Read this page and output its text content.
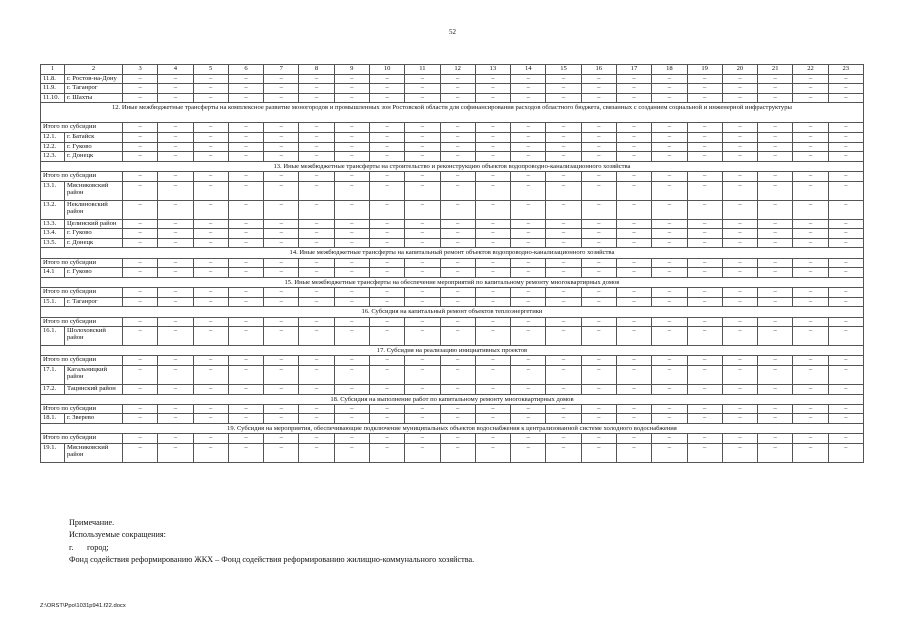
52
1	2	3	4	5	6	7	8	9	10	11	12	13	14	15	16	17	18	19	20	21	22	23
11.8.	г. Ростов-на-Дону	–	–	–	–	–	–	–	–	–	–	–	–	–	–	–	–	–	–	–	–	–
11.9.	г. Таганрог	–	–	–	–	–	–	–	–	–	–	–	–	–	–	–	–	–	–	–	–	–
11.10.	г. Шахты	–	–	–	–	–	–	–	–	–	–	–	–	–	–	–	–	–	–	–	–	–
12. Иные межбюджетные трансферты на комплексное развитие моногородов и промышленных зон Ростовской области для софинансирования расходов областного бюджета, связанных с созданием социальной и инженерной инфраструктуры																						
Итого по субсидии		–	–	–	–	–	–	–	–	–	–	–	–	–	–	–	–	–	–	–	–	–
12.1.	г. Батайск	–	–	–	–	–	–	–	–	–	–	–	–	–	–	–	–	–	–	–	–	–
12.2.	г. Гуково	–	–	–	–	–	–	–	–	–	–	–	–	–	–	–	–	–	–	–	–	–
12.3.	г. Донецк	–	–	–	–	–	–	–	–	–	–	–	–	–	–	–	–	–	–	–	–	–
13. Иные межбюджетные трансферты на строительство и реконструкцию объектов водопроводно-канализационного хозяйства																						
Итого по субсидии		–	–	–	–	–	–	–	–	–	–	–	–	–	–	–	–	–	–	–	–	–
13.1.	Мясниковский район	–	–	–	–	–	–	–	–	–	–	–	–	–	–	–	–	–	–	–	–	–
13.2.	Неклиновский район	–	–	–	–	–	–	–	–	–	–	–	–	–	–	–	–	–	–	–	–	–
13.3.	Целинский район	–	–	–	–	–	–	–	–	–	–	–	–	–	–	–	–	–	–	–	–	–
13.4.	г. Гуково	–	–	–	–	–	–	–	–	–	–	–	–	–	–	–	–	–	–	–	–	–
13.5.	г. Донецк	–	–	–	–	–	–	–	–	–	–	–	–	–	–	–	–	–	–	–	–	–
14. Иные межбюджетные трансферты на капитальный ремонт объектов водопроводно-канализационного хозяйства																						
Итого по субсидии		–	–	–	–	–	–	–	–	–	–	–	–	–	–	–	–	–	–	–	–	–
14.1	г. Гуково	–	–	–	–	–	–	–	–	–	–	–	–	–	–	–	–	–	–	–	–	–
15. Иные межбюджетные трансферты на обеспечение мероприятий по капитальному ремонту многоквартирных домов																						
Итого по субсидии		–	–	–	–	–	–	–	–	–	–	–	–	–	–	–	–	–	–	–	–	–
15.1.	г. Таганрог	–	–	–	–	–	–	–	–	–	–	–	–	–	–	–	–	–	–	–	–	–
16. Субсидия на капитальный ремонт объектов теплоэнергетики																						
Итого по субсидии		–	–	–	–	–	–	–	–	–	–	–	–	–	–	–	–	–	–	–	–	–
16.1.	Шолоховский район	–	–	–	–	–	–	–	–	–	–	–	–	–	–	–	–	–	–	–	–	–
17. Субсидия на реализацию инициативных проектов																						
Итого по субсидии		–	–	–	–	–	–	–	–	–	–	–	–	–	–	–	–	–	–	–	–	–
17.1.	Кагальницкий район	–	–	–	–	–	–	–	–	–	–	–	–	–	–	–	–	–	–	–	–	–
17.2.	Тацинский район	–	–	–	–	–	–	–	–	–	–	–	–	–	–	–	–	–	–	–	–	–
18. Субсидия на выполнение работ по капитальному ремонту многоквартирных домов																						
Итого по субсидии		–	–	–	–	–	–	–	–	–	–	–	–	–	–	–	–	–	–	–	–	–
18.1.	г. Зверево	–	–	–	–	–	–	–	–	–	–	–	–	–	–	–	–	–	–	–	–	–
19. Субсидия на мероприятия, обеспечивающие подключение муниципальных объектов водоснабжения к централизованной системе холодного водоснабжения																						
Итого по субсидии		–	–	–	–	–	–	–	–	–	–	–	–	–	–	–	–	–	–	–	–	–
19.1.	Мясниковский район	–	–	–	–	–	–	–	–	–	–	–	–	–	–	–	–	–	–	–	–	–
Примечание.
Используемые сокращения:
г. город;
Фонд содействия реформированию ЖКХ – Фонд содействия реформированию жилищно-коммунального хозяйства.
Z:\ORST\Ppo\1031p941.f22.docx
